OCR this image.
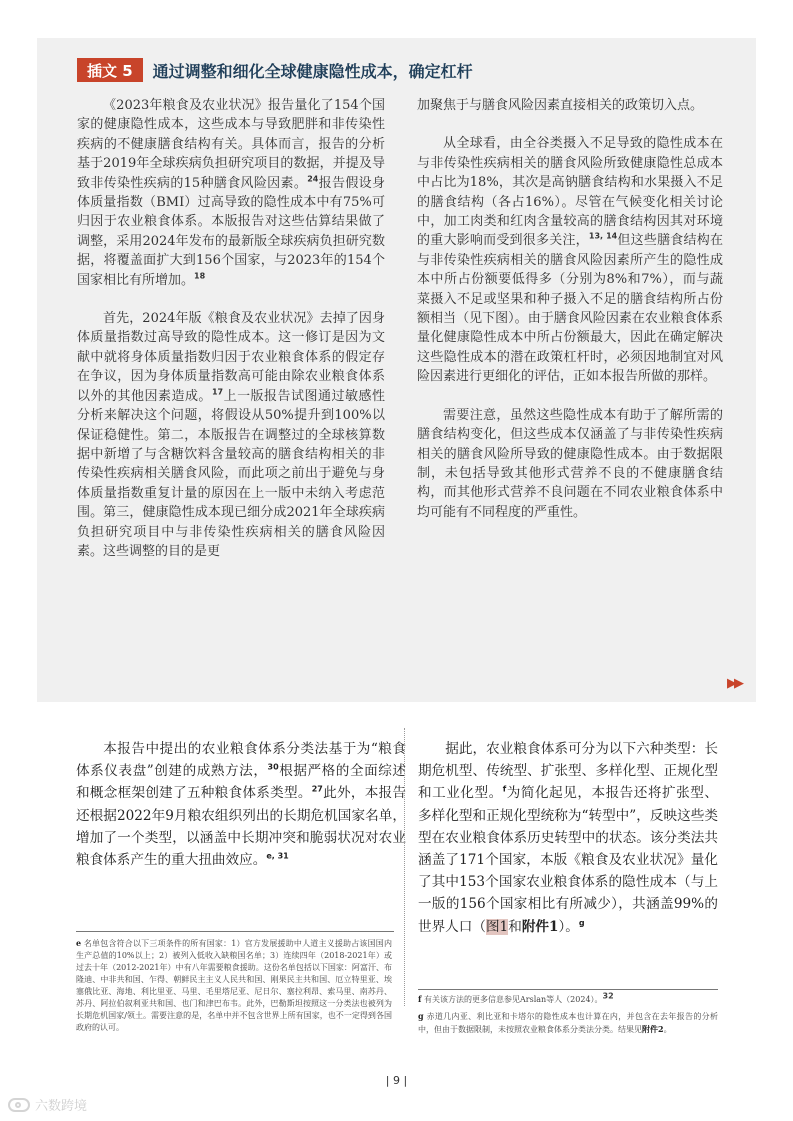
插文 5	通过调整和细化全球健康隐性成本，确定杠杆

《2023年粮食及农业状况》报告量化了154个国家的健康隐性成本，这些成本与导致肥胖和非传染性疾病的不健康膳食结构有关。具体而言，报告的分析基于2019年全球疾病负担研究项目的数据，并提及导致非传染性疾病的15种膳食风险因素。$^{24}$报告假设身体质量指数（BMI）过高导致的隐性成本中有75%可归因于农业粮食体系。本版报告对这些估算结果做了调整，采用2024年发布的最新版全球疾病负担研究数据，将覆盖面扩大到156个国家，与2023年的154个国家相比有所增加。$^{18}$

首先，2024年版《粮食及农业状况》去掉了因身体质量指数过高导致的隐性成本。这一修订是因为文献中就将身体质量指数归因于农业粮食体系的假定存在争议，因为身体质量指数高可能由除农业粮食体系以外的其他因素造成。$^{17}$上一版报告试图通过敏感性分析来解决这个问题，将假设从50%提升到100%以保证稳健性。第二，本版报告在调整过的全球核算数据中新增了与含糖饮料含量较高的膳食结构相关的非传染性疾病相关膳食风险，而此项之前出于避免与身体质量指数重复计量的原因在上一版中未纳入考虑范围。第三，健康隐性成本现已细分成2021年全球疾病负担研究项目中与非传染性疾病相关的膳食风险因素。这些调整的目的是更

加聚焦于与膳食风险因素直接相关的政策切入点。

从全球看，由全谷类摄入不足导致的隐性成本在与非传染性疾病相关的膳食风险所致健康隐性总成本中占比为18%，其次是高钠膳食结构和水果摄入不足的膳食结构（各占16%）。尽管在气候变化相关讨论中，加工肉类和红肉含量较高的膳食结构因其对环境的重大影响而受到很多关注，$^{13, 14}$但这些膳食结构在与非传染性疾病相关的膳食风险因素所产生的隐性成本中所占份额要低得多（分别为8%和7%），而与蔬菜摄入不足或坚果和种子摄入不足的膳食结构所占份额相当（见下图）。由于膳食风险因素在农业粮食体系量化健康隐性成本中所占份额最大，因此在确定解决这些隐性成本的潜在政策杠杆时，必须因地制宜对风险因素进行更细化的评估，正如本报告所做的那样。

需要注意，虽然这些隐性成本有助于了解所需的膳食结构变化，但这些成本仅涵盖了与非传染性疾病相关的膳食风险所导致的健康隐性成本。由于数据限制，未包括导致其他形式营养不良的不健康膳食结构，而其他形式营养不良问题在不同农业粮食体系中均可能有不同程度的严重性。

▶▶

本报告中提出的农业粮食体系分类法基于为“粮食体系仪表盘”创建的成熟方法，$^{30}$根据严格的全面综述和概念框架创建了五种粮食体系类型。$^{27}$此外，本报告还根据2022年9月粮农组织列出的长期危机国家名单，增加了一个类型，以涵盖中长期冲突和脆弱状况对农业粮食体系产生的重大扭曲效应。$^{e, 31}$

据此，农业粮食体系可分为以下六种类型：长期危机型、传统型、扩张型、多样化型、正规化型和工业化型。$^f$为简化起见，本报告还将扩张型、多样化型和正规化型统称为“转型中”，反映这些类型在农业粮食体系历史转型中的状态。该分类法共涵盖了171个国家，本版《粮食及农业状况》量化了其中153个国家农业粮食体系的隐性成本（与上一版的156个国家相比有所减少），共涵盖99%的世界人口（图1和附件1）。$^g$

e 名单包含符合以下三项条件的所有国家：1）官方发展援助中人道主义援助占该国国内生产总值的10%以上；2）被列入低收入缺粮国名单；3）连续四年（2018-2021年）或过去十年（2012-2021年）中有八年需要粮食援助。这份名单包括以下国家：阿富汗、布隆迪、中非共和国、乍得、朝鲜民主主义人民共和国、刚果民主共和国、厄立特里亚、埃塞俄比亚、海地、利比里亚、马里、毛里塔尼亚、尼日尔、塞拉利昂、索马里、南苏丹、苏丹、阿拉伯叙利亚共和国、也门和津巴布韦。此外，巴勒斯坦按照这一分类法也被列为长期危机国家/领土。需要注意的是，名单中并不包含世界上所有国家，也不一定得到各国政府的认可。

f 有关该方法的更多信息参见Arslan等人（2024）。$^{32}$

g 赤道几内亚、利比亚和卡塔尔的隐性成本也计算在内，并包含在去年报告的分析中，但由于数据限制，未按照农业粮食体系分类法分类。结果见附件2。

| 9 |
六数跨境
